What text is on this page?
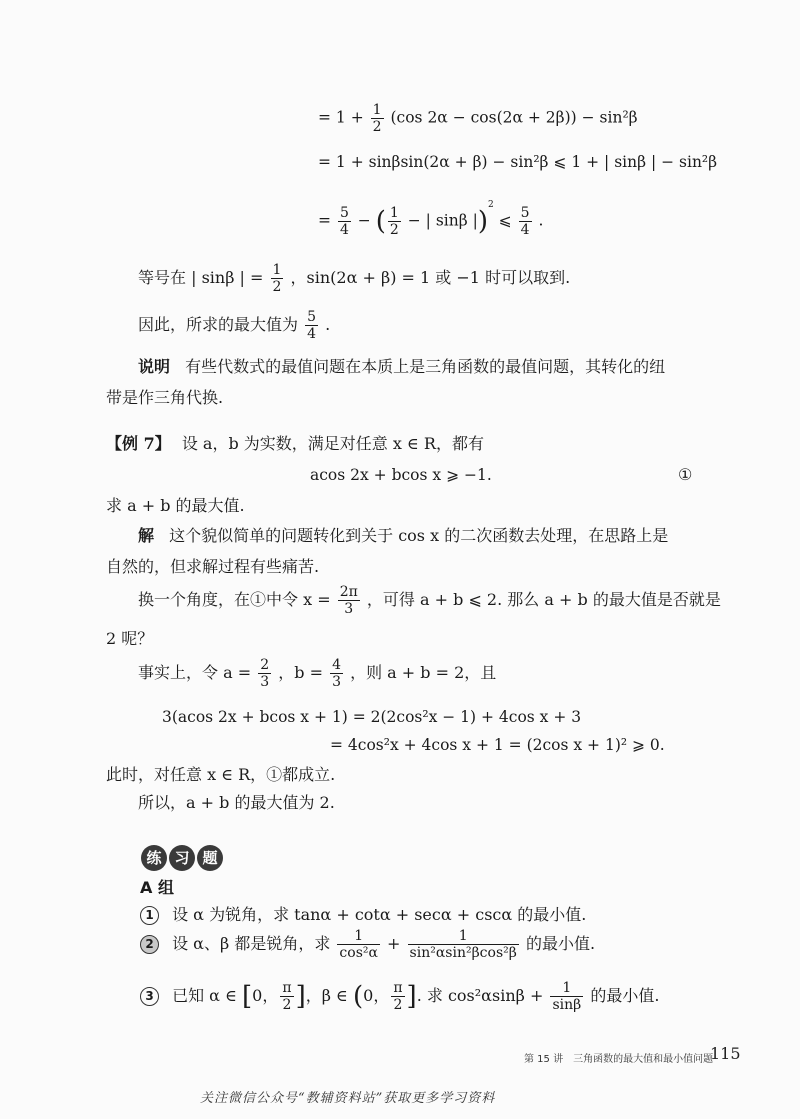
= $1 + \frac{1}{2} (\cos$ 2α − cos(2α + 2β)) − sin²β
= 1 + sinβsin(2α + β) − sin²β ⩽ 1 + | sinβ | − sin²β
= $\frac{5}{4}$ − ( $\frac{1}{2}$ − | sinβ |)$^2$ ⩽ $\frac{5}{4}$ .
等号在 | sinβ | = $\frac{1}{2}$ ，sin(2α + β) = 1 或 −1 时可以取到.
因此，所求的最大值为 $\frac{5}{4}$ .
说明 有些代数式的最值问题在本质上是三角函数的最值问题，其转化的纽
带是作三角代换.
【例 7】 设 a，b 为实数，满足对任意 x ∈ R，都有
acos 2x + bcos x ⩾ −1.	①
求 a + b 的最大值.
解 这个貌似简单的问题转化到关于 cos x 的二次函数去处理，在思路上是
自然的，但求解过程有些痛苦.
换一个角度，在①中令 $x = \frac{2\pi}{3}$ ，可得 a + b ⩽ 2. 那么 a + b 的最大值是否就是
2 呢？
事实上，令 $a = \frac{2}{3}$ ，$b = \frac{4}{3}$ ，则 a + b = 2，且
3(acos 2x + bcos x + 1) = 2(2cos²x − 1) + 4cos x + 3
= 4cos²x + 4cos x + 1 = (2cos x + 1)² ⩾ 0.
此时，对任意 x ∈ R，①都成立.
所以，a + b 的最大值为 2.
练 习 题
A 组
1 设 α 为锐角，求 tanα + cotα + secα + cscα 的最小值.
2 设 α、β 都是锐角，求 $\frac{1}{\text{cos²α}} + \frac{1}{\text{sin²αsin²βcos²β}}$ 的最小值.
3 已知 α ∈ [0， $\frac{\pi}{2}$ ]，β ∈ (0， $\frac{\pi}{2}$ ]. 求 $\cos^2\alpha\sin\beta + \frac{1}{\sin\beta}$ 的最小值.
第 15 讲　三角函数的最大值和最小值问题
115
关注微信公众号“教辅资料站”获取更多学习资料
